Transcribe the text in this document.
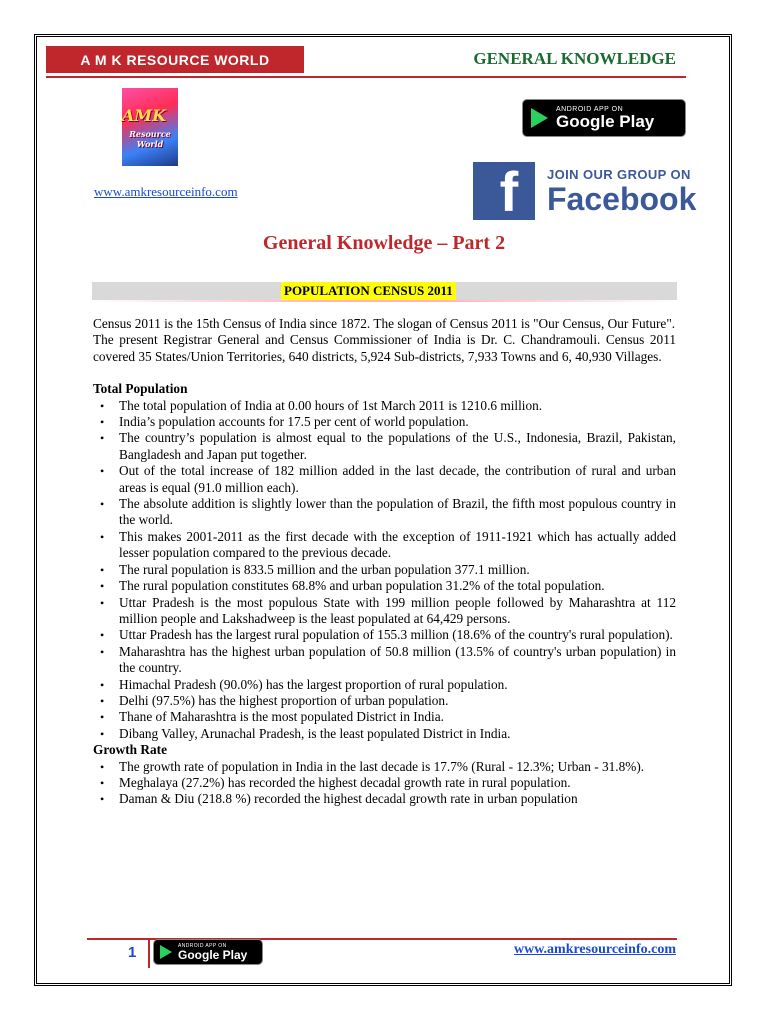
A M K RESOURCE WORLD	GENERAL KNOWLEDGE
AMK
Resource World
ANDROID APP ON
Google Play
www.amkresourceinfo.com	f	JOIN OUR GROUP ON
Facebook
General Knowledge – Part 2
POPULATION CENSUS 2011

Census 2011 is the 15th Census of India since 1872. The slogan of Census 2011 is "Our Census, Our Future".

The present Registrar General and Census Commissioner of India is Dr. C. Chandramouli. Census 2011 covered 35 States/Union Territories, 640 districts, 5,924 Sub-districts, 7,933 Towns and 6, 40,930 Villages.

Total Population
• The total population of India at 0.00 hours of 1st March 2011 is 1210.6 million.
• India’s population accounts for 17.5 per cent of world population.
• The country’s population is almost equal to the populations of the U.S., Indonesia, Brazil, Pakistan, Bangladesh and Japan put together.
• Out of the total increase of 182 million added in the last decade, the contribution of rural and urban areas is equal (91.0 million each).
• The absolute addition is slightly lower than the population of Brazil, the fifth most populous country in the world.
• This makes 2001-2011 as the first decade with the exception of 1911-1921 which has actually added lesser population compared to the previous decade.
• The rural population is 833.5 million and the urban population 377.1 million.
• The rural population constitutes 68.8% and urban population 31.2% of the total population.
• Uttar Pradesh is the most populous State with 199 million people followed by Maharashtra at 112 million people and Lakshadweep is the least populated at 64,429 persons.
• Uttar Pradesh has the largest rural population of 155.3 million (18.6% of the country's rural population).
• Maharashtra has the highest urban population of 50.8 million (13.5% of country's urban population) in the country.
• Himachal Pradesh (90.0%) has the largest proportion of rural population.
• Delhi (97.5%) has the highest proportion of urban population.
• Thane of Maharashtra is the most populated District in India.
• Dibang Valley, Arunachal Pradesh, is the least populated District in India.
Growth Rate
• The growth rate of population in India in the last decade is 17.7% (Rural - 12.3%; Urban - 31.8%).
• Meghalaya (27.2%) has recorded the highest decadal growth rate in rural population.
• Daman & Diu (218.8 %) recorded the highest decadal growth rate in urban population
1	ANDROID APP ON
Google Play	www.amkresourceinfo.com
